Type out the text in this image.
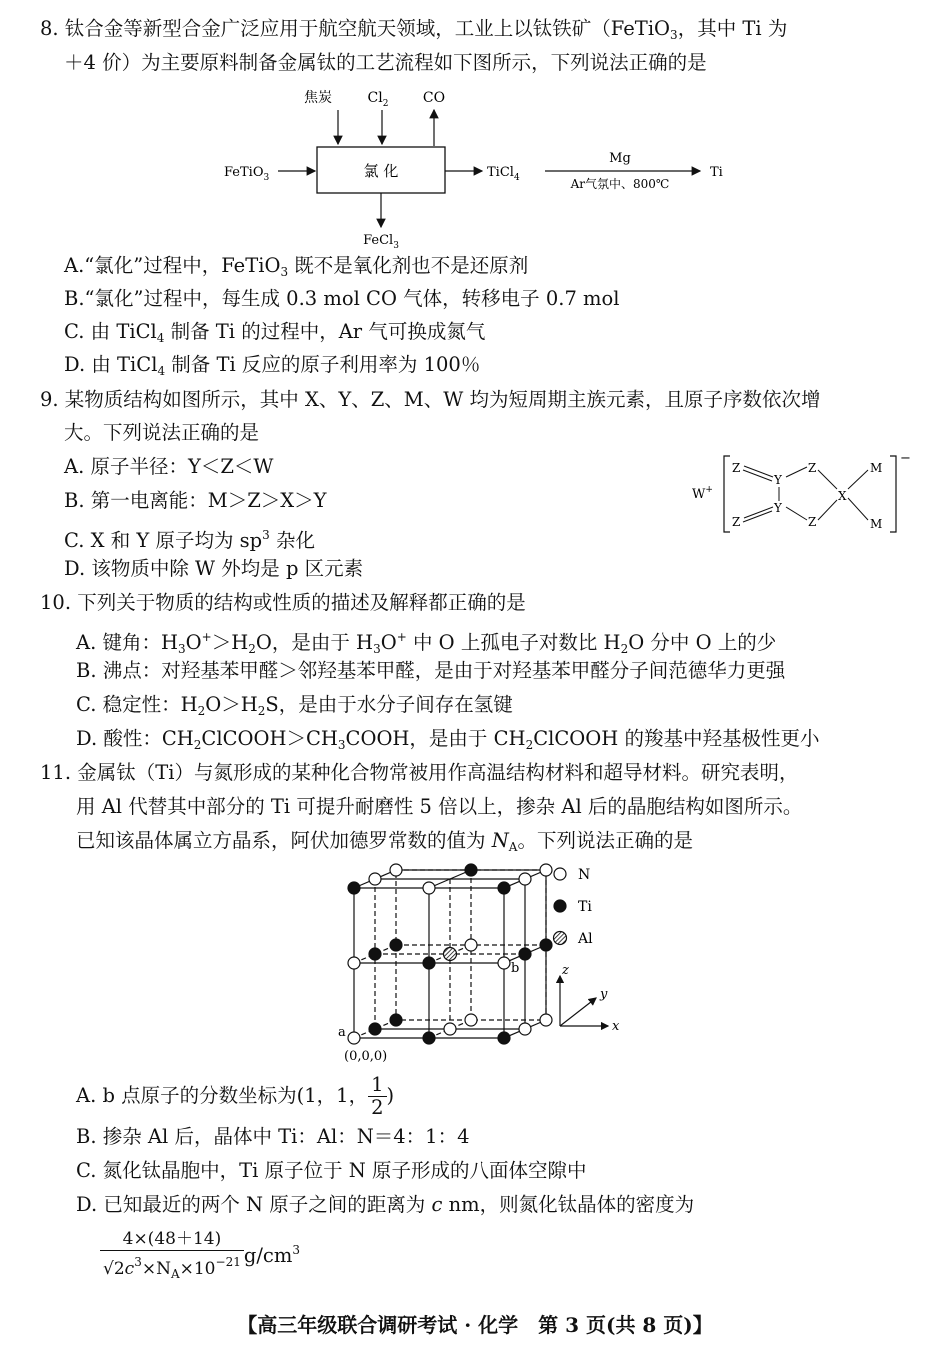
8. 钛合金等新型合金广泛应用于航空航天领域，工业上以钛铁矿（FeTiO$_3$，其中 Ti 为
＋4 价）为主要原料制备金属钛的工艺流程如下图所示，下列说法正确的是
焦炭	$Cl_2$ CO
氯 化
FeTiO$_3$	TiCl$_4$
Mg
Ar气氛中、800℃
Ti
FeCl$_3$
A.“氯化”过程中，FeTiO$_3$ 既不是氧化剂也不是还原剂
B.“氯化”过程中，每生成 0.3 mol CO 气体，转移电子 0.7 mol
C. 由 TiCl$_4$ 制备 Ti 的过程中，Ar 气可换成氮气
D. 由 TiCl$_4$ 制备 Ti 反应的原子利用率为 100％
9. 某物质结构如图所示，其中 X、Y、Z、M、W 均为短周期主族元素，且原子序数依次增
大。下列说法正确的是
A. 原子半径：Y＜Z＜W
B. 第一电离能：M＞Z＞X＞Y
C. X 和 Y 原子均为 $sp^3$ 杂化
D. 该物质中除 W 外均是 p 区元素
W+
−
Z
Y
Z
Z
Y
Z
X
M
M
10. 下列关于物质的结构或性质的描述及解释都正确的是
A. 键角：$H_3O^+>H_2O$，是由于 $H_3O^+$ 中 O 上孤电子对数比 $H_2O$ 分中 O 上的少
B. 沸点：对羟基苯甲醛＞邻羟基苯甲醛，是由于对羟基苯甲醛分子间范德华力更强
C. 稳定性：$H_2O>H_2S$，是由于水分子间存在氢键
D. 酸性：$CH_2ClCOOH>CH_3COOH$，是由于 $CH_2ClCOOH$ 的羧基中羟基极性更小
11. 金属钛（Ti）与氮形成的某种化合物常被用作高温结构材料和超导材料。研究表明，
用 Al 代替其中部分的 Ti 可提升耐磨性 5 倍以上，掺杂 Al 后的晶胞结构如图所示。
已知该晶体属立方晶系，阿伏加德罗常数的值为 $N_A$。下列说法正确的是
a
b
(0,0,0)
N
Ti
Al
z
y
x
A. b 点原子的分数坐标为(1，1， $\frac{1}{2}$ )
B. 掺杂 Al 后，晶体中 Ti：Al：N＝4：1：4
C. 氮化钛晶胞中，Ti 原子位于 N 原子形成的八面体空隙中
D. 已知最近的两个 N 原子之间的距离为 c nm，则氮化钛晶体的密度为
$\frac{4\times(48+14)}{√2c^3\times N_A\times 10^{-21}} g/cm^3$
【高三年级联合调研考试 · 化学　第 3 页(共 8 页)】
